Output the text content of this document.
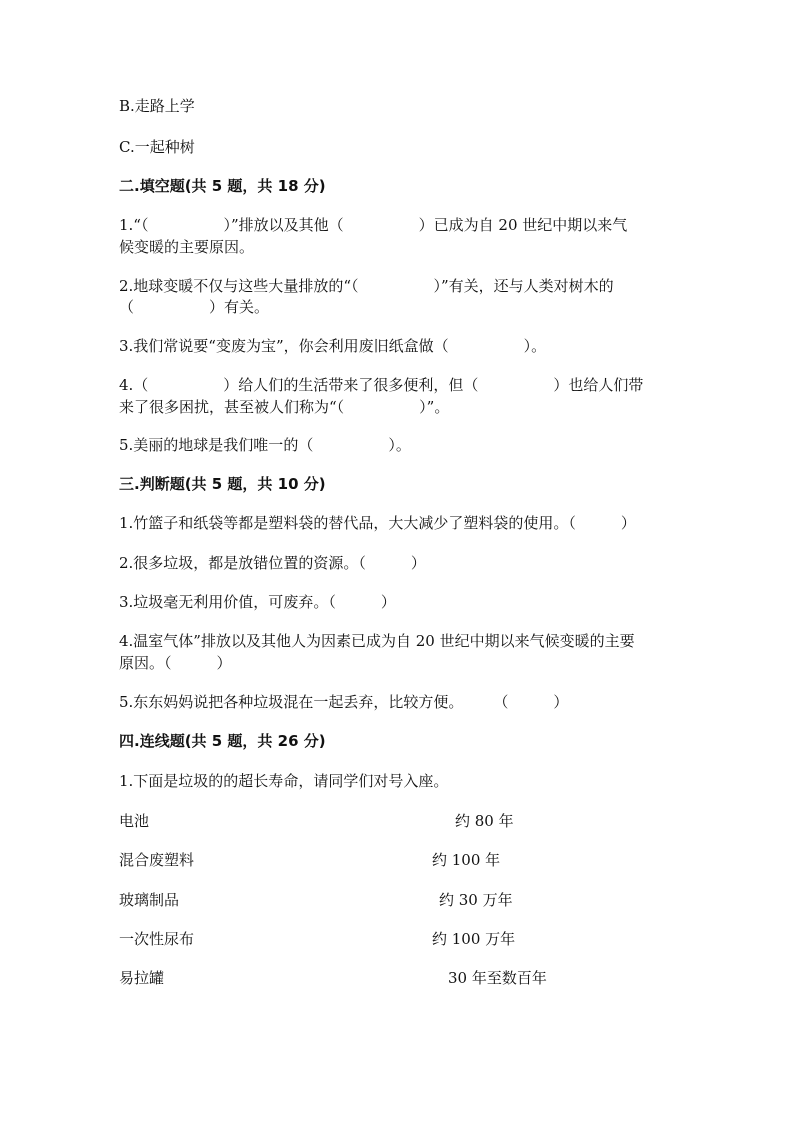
B.走路上学

C.一起种树

二.填空题(共 5 题，共 18 分)

1.“（　　　　　）”排放以及其他（　　　　　）已成为自 20 世纪中期以来气

候变暖的主要原因。

2.地球变暖不仅与这些大量排放的“（　　　　　）”有关，还与人类对树木的

（　　　　　）有关。

3.我们常说要“变废为宝”，你会利用废旧纸盒做（　　　　　）。

4.（　　　　　）给人们的生活带来了很多便利，但（　　　　　）也给人们带

来了很多困扰，甚至被人们称为“（　　　　　）”。

5.美丽的地球是我们唯一的（　　　　　）。

三.判断题(共 5 题，共 10 分)

1.竹篮子和纸袋等都是塑料袋的替代品，大大减少了塑料袋的使用。（　　　）

2.很多垃圾，都是放错位置的资源。（　　　）

3.垃圾毫无利用价值，可废弃。（　　　）

4.温室气体”排放以及其他人为因素已成为自 20 世纪中期以来气候变暖的主要

原因。（　　　）

5.东东妈妈说把各种垃圾混在一起丢弃，比较方便。　　　（　　　）

四.连线题(共 5 题，共 26 分)

1.下面是垃圾的的超长寿命，请同学们对号入座。

电池	约 80 年

混合废塑料	约 100 年

玻璃制品	约 30 万年

一次性尿布	约 100 万年

易拉罐	30 年至数百年
